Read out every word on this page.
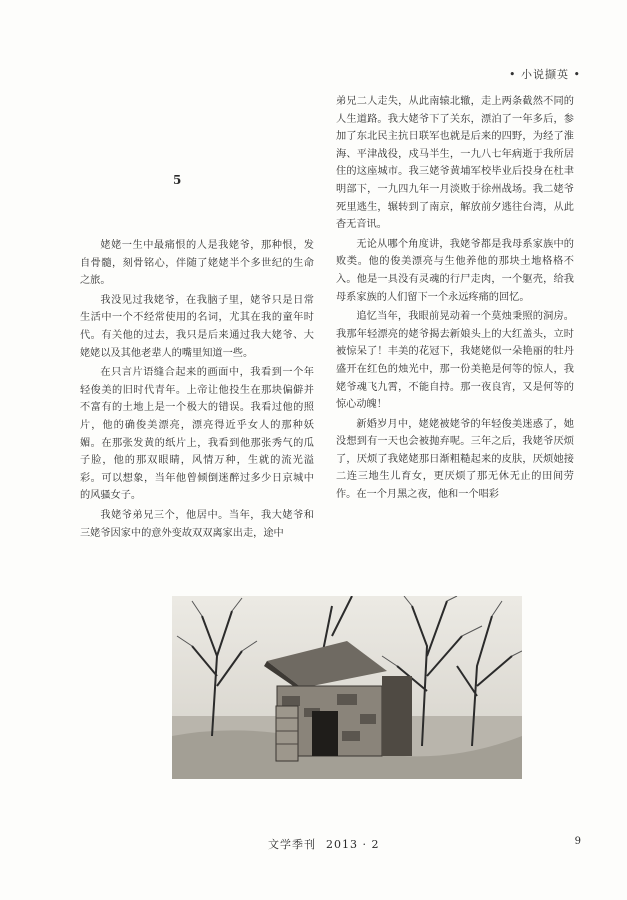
• 小说撷英 •
5

姥姥一生中最痛恨的人是我姥爷，那种恨，发自骨髓，刻骨铭心，伴随了姥姥半个多世纪的生命之旅。

我没见过我姥爷，在我脑子里，姥爷只是日常生活中一个不经常使用的名词，尤其在我的童年时代。有关他的过去，我只是后来通过我大姥爷、大姥姥以及其他老辈人的嘴里知道一些。

在只言片语缝合起来的画面中，我看到一个年轻俊美的旧时代青年。上帝让他投生在那块偏僻并不富有的土地上是一个极大的错误。我看过他的照片，他的确俊美漂亮，漂亮得近乎女人的那种妖媚。在那张发黄的纸片上，我看到他那张秀气的瓜子脸，他的那双眼睛，风情万种，生就的流光溢彩。可以想象，当年他曾倾倒迷醉过多少日京城中的风骚女子。

我姥爷弟兄三个，他居中。当年，我大姥爷和三姥爷因家中的意外变故双双离家出走，途中

弟兄二人走失，从此南辕北辙，走上两条截然不同的人生道路。我大姥爷下了关东，漂泊了一年多后，参加了东北民主抗日联军也就是后来的四野，为经了淮海、平津战役，戍马半生，一九八七年病逝于我所居住的这座城市。我三姥爷黄埔军校毕业后投身在杜聿明部下，一九四九年一月淡败于徐州战场。我二姥爷死里逃生，辗转到了南京，解放前夕逃往台湾，从此杳无音讯。

无论从哪个角度讲，我姥爷都是我母系家族中的败类。他的俊美漂亮与生他养他的那块土地格格不入。他是一具没有灵魂的行尸走肉，一个躯壳，给我母系家族的人们留下一个永远疼痛的回忆。

追忆当年，我眼前晃动着一个莫烛秉照的洞房。我那年轻漂亮的姥爷揭去新娘头上的大红盖头，立时被惊呆了！丰美的花冠下，我姥姥似一朵艳丽的牡丹盛开在红色的烛光中，那一份美艳是何等的惊人，我姥爷魂飞九霄，不能自持。那一夜良宵，又是何等的惊心动魄！

新婚岁月中，姥姥被姥爷的年轻俊美迷惑了，她没想到有一天也会被抛弃呢。三年之后，我姥爷厌烦了，厌烦了我姥姥那日渐粗糙起来的皮肤，厌烦她接二连三地生儿育女，更厌烦了那无休无止的田间劳作。在一个月黑之夜，他和一个唱彩

文学季刊 2013 · 2	9
